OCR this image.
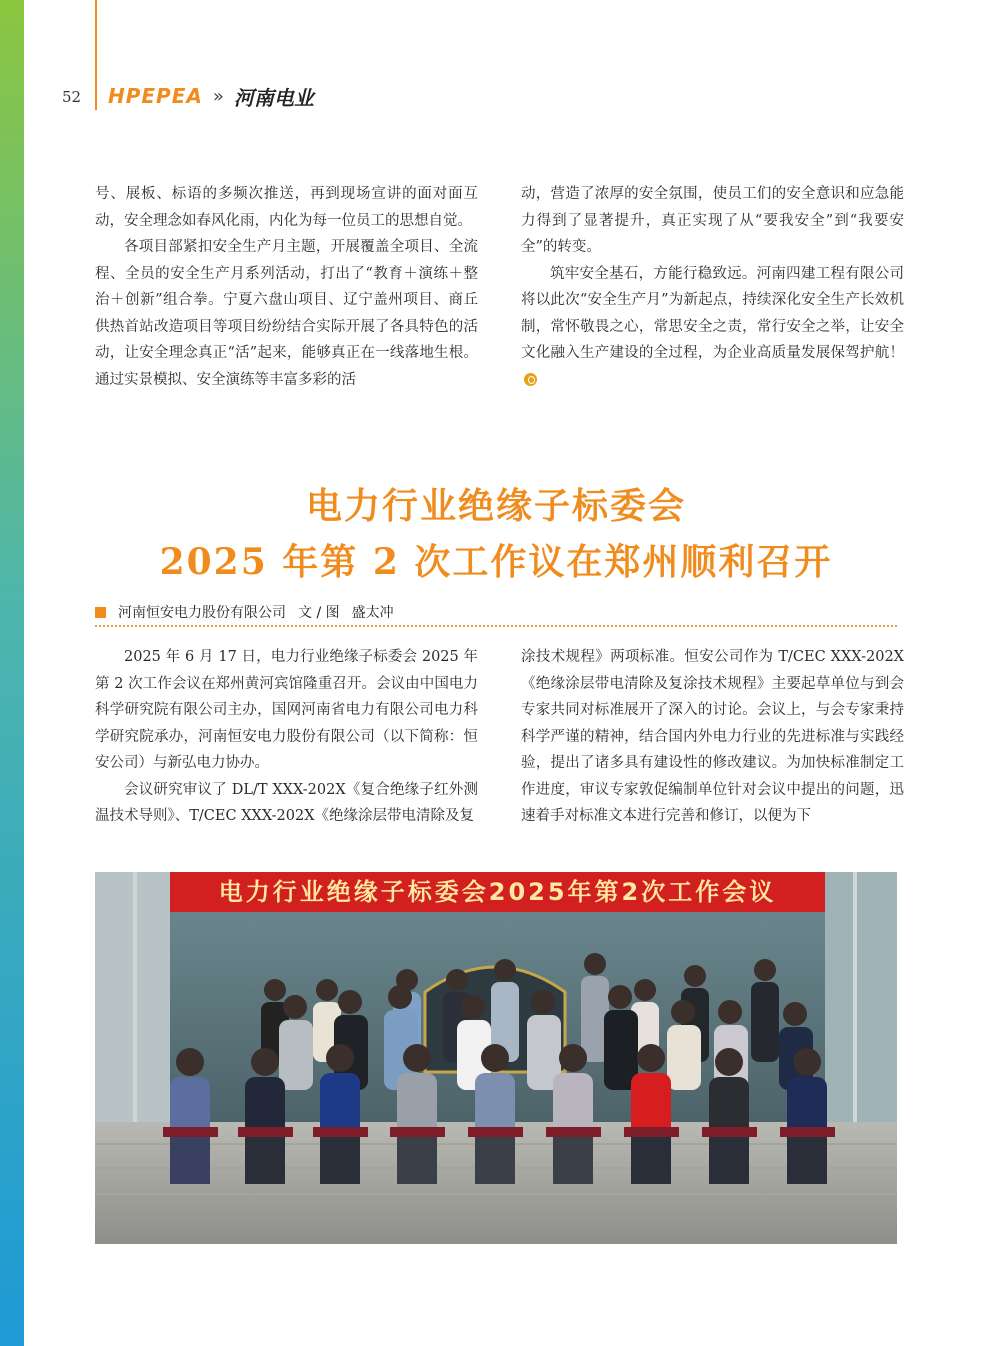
52 HPEPEA » 河南电业

号、展板、标语的多频次推送，再到现场宣讲的面对面互动，安全理念如春风化雨，内化为每一位员工的思想自觉。

各项目部紧扣安全生产月主题，开展覆盖全项目、全流程、全员的安全生产月系列活动，打出了“教育＋演练＋整治＋创新”组合拳。宁夏六盘山项目、辽宁盖州项目、商丘供热首站改造项目等项目纷纷结合实际开展了各具特色的活动，让安全理念真正“活”起来，能够真正在一线落地生根。通过实景模拟、安全演练等丰富多彩的活

动，营造了浓厚的安全氛围，使员工们的安全意识和应急能力得到了显著提升，真正实现了从“要我安全”到“我要安全”的转变。

筑牢安全基石，方能行稳致远。河南四建工程有限公司将以此次“安全生产月”为新起点，持续深化安全生产长效机制，常怀敬畏之心，常思安全之责，常行安全之举，让安全文化融入生产建设的全过程，为企业高质量发展保驾护航！

电力行业绝缘子标委会
2025 年第 2 次工作议在郑州顺利召开
河南恒安电力股份有限公司 文 / 图 盛太冲

2025 年 6 月 17 日，电力行业绝缘子标委会 2025 年第 2 次工作会议在郑州黄河宾馆隆重召开。会议由中国电力科学研究院有限公司主办，国网河南省电力有限公司电力科学研究院承办，河南恒安电力股份有限公司（以下简称：恒安公司）与新弘电力协办。

会议研究审议了 DL/T XXX-202X《复合绝缘子红外测温技术导则》、T/CEC XXX-202X《绝缘涂层带电清除及复

涂技术规程》两项标准。恒安公司作为 T/CEC XXX-202X《绝缘涂层带电清除及复涂技术规程》主要起草单位与到会专家共同对标准展开了深入的讨论。会议上，与会专家秉持科学严谨的精神，结合国内外电力行业的先进标准与实践经验，提出了诸多具有建设性的修改建议。为加快标准制定工作进度，审议专家敦促编制单位针对会议中提出的问题，迅速着手对标准文本进行完善和修订，以便为下

电力行业绝缘子标委会2025年第2次工作会议
